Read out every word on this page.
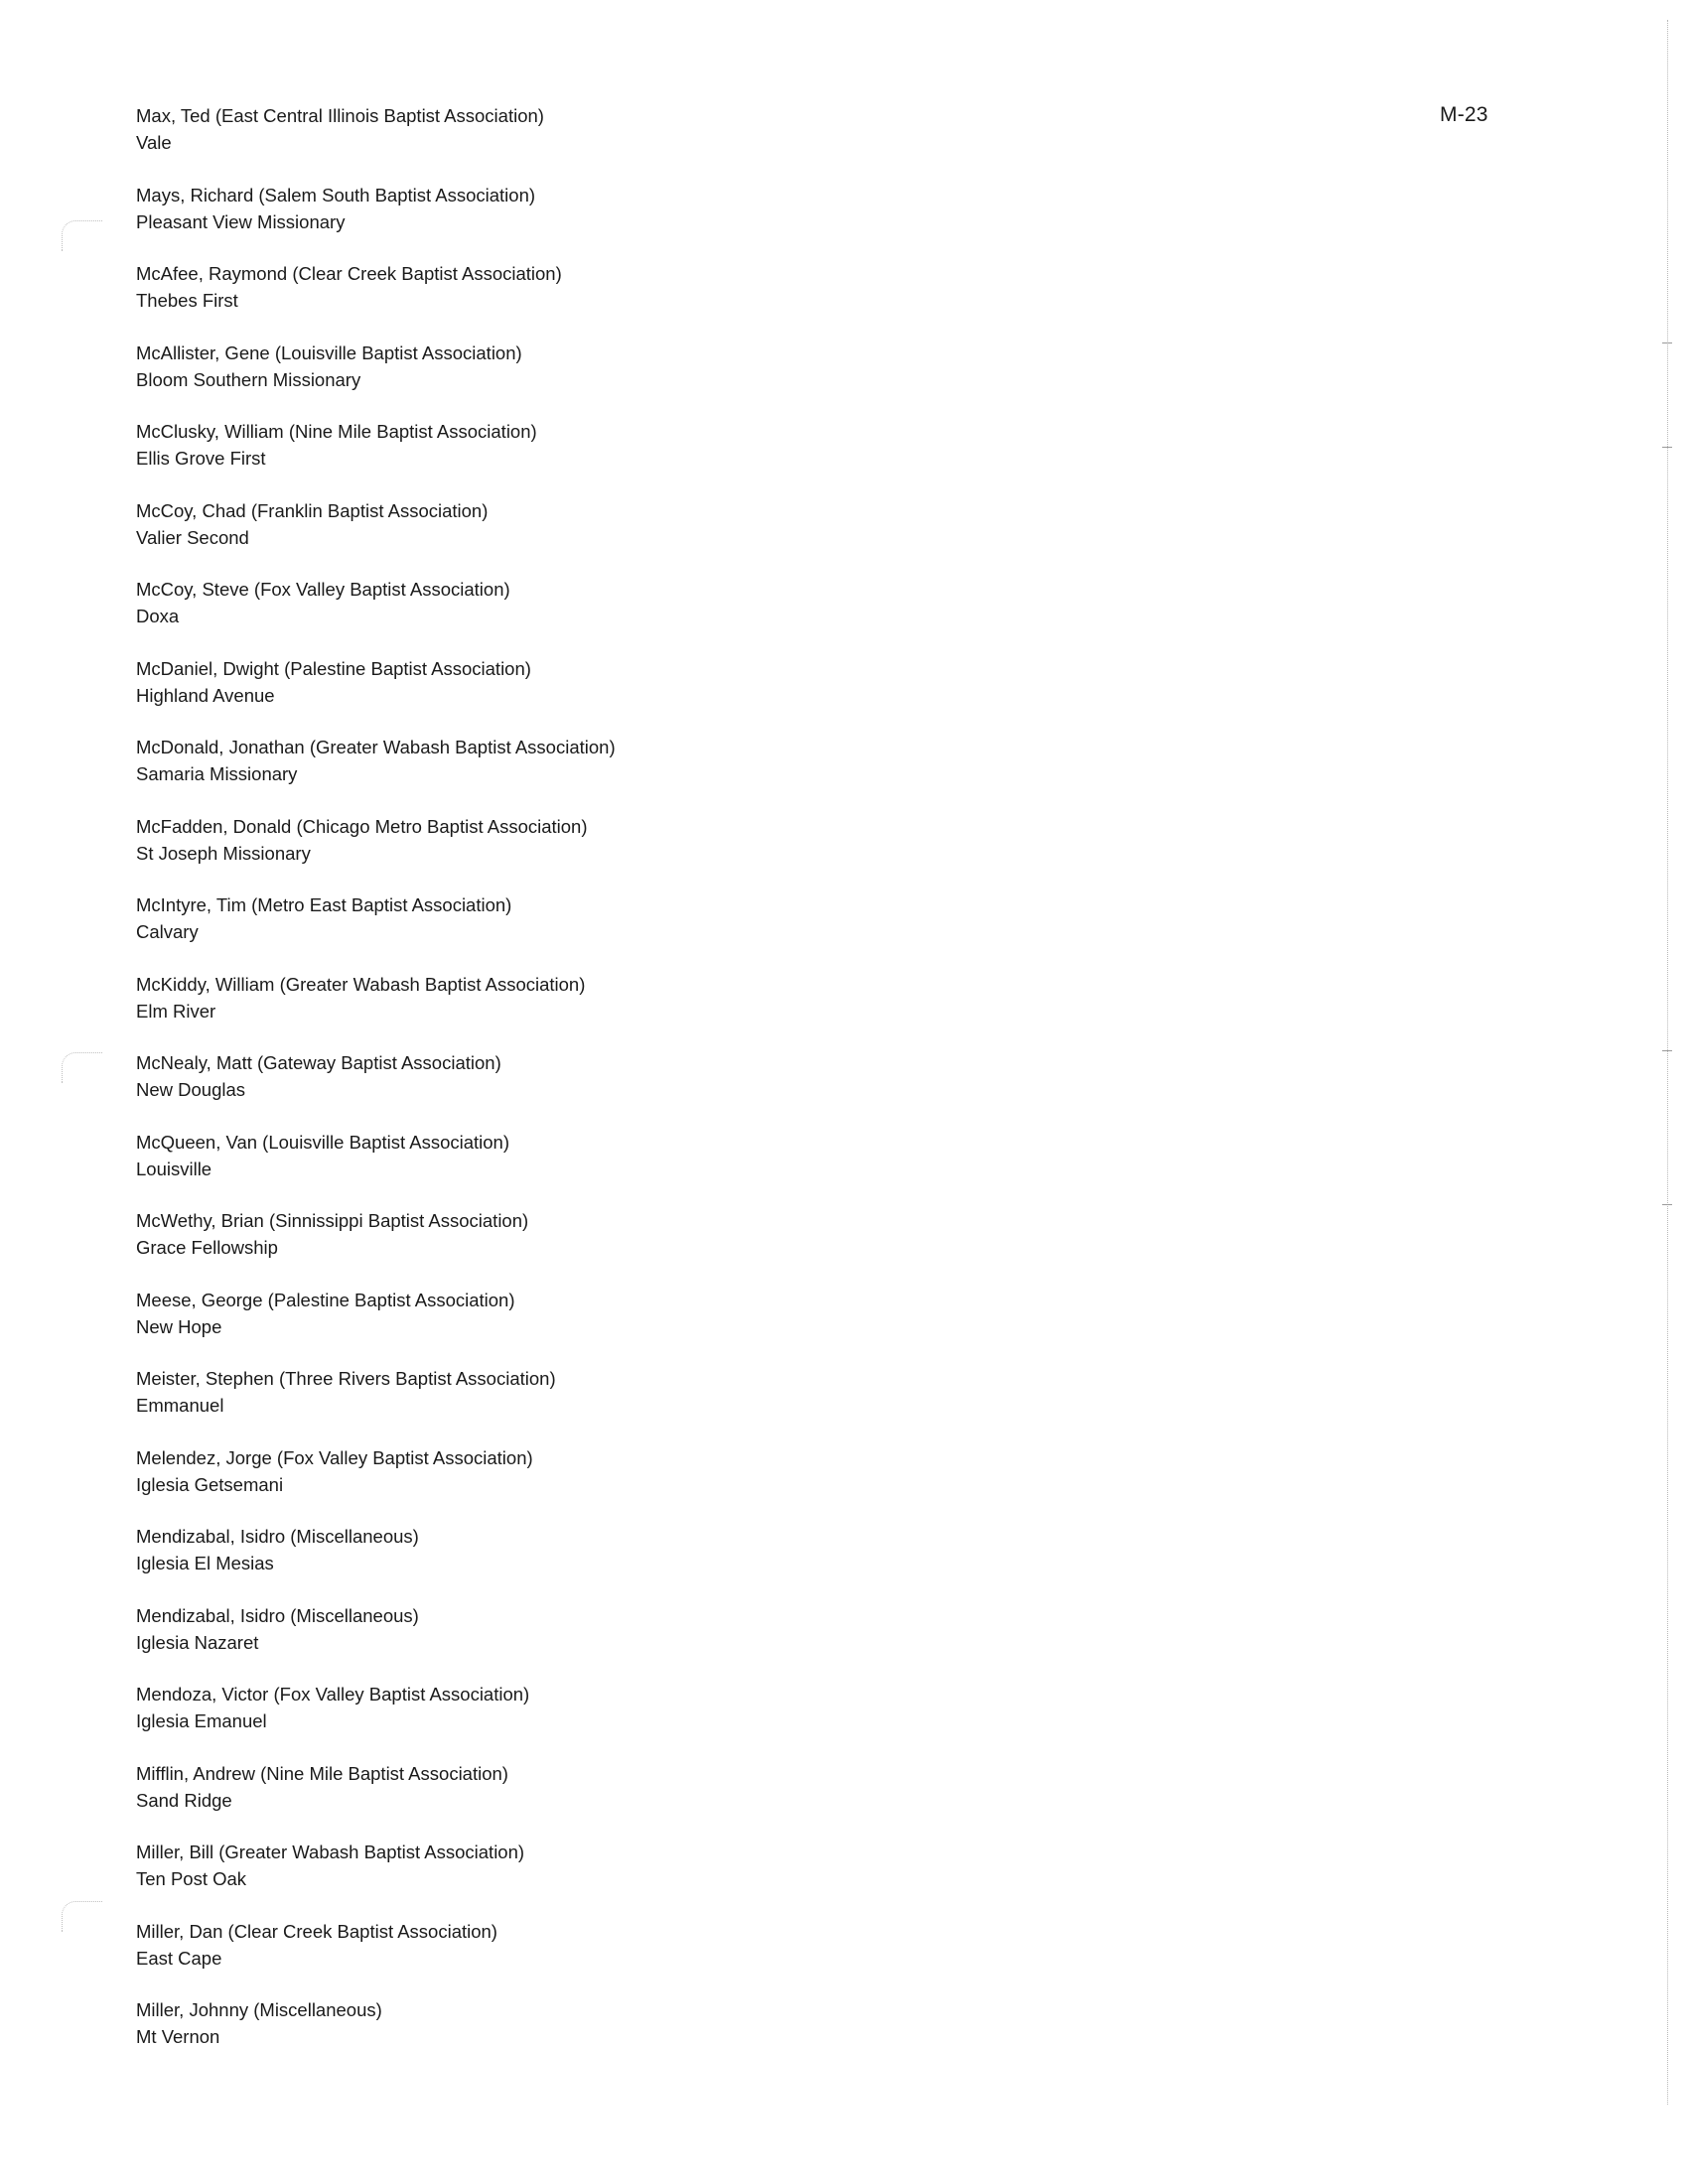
M-23
Max, Ted (East Central Illinois Baptist Association)
Vale
Mays, Richard (Salem South Baptist Association)
Pleasant View Missionary
McAfee, Raymond (Clear Creek Baptist Association)
Thebes First
McAllister, Gene (Louisville Baptist Association)
Bloom Southern Missionary
McClusky, William (Nine Mile Baptist Association)
Ellis Grove First
McCoy, Chad (Franklin Baptist Association)
Valier Second
McCoy, Steve (Fox Valley Baptist Association)
Doxa
McDaniel, Dwight (Palestine Baptist Association)
Highland Avenue
McDonald, Jonathan (Greater Wabash Baptist Association)
Samaria Missionary
McFadden, Donald (Chicago Metro Baptist Association)
St Joseph Missionary
McIntyre, Tim (Metro East Baptist Association)
Calvary
McKiddy, William (Greater Wabash Baptist Association)
Elm River
McNealy, Matt (Gateway Baptist Association)
New Douglas
McQueen, Van (Louisville Baptist Association)
Louisville
McWethy, Brian (Sinnissippi Baptist Association)
Grace Fellowship
Meese, George (Palestine Baptist Association)
New Hope
Meister, Stephen (Three Rivers Baptist Association)
Emmanuel
Melendez, Jorge (Fox Valley Baptist Association)
Iglesia Getsemani
Mendizabal, Isidro (Miscellaneous)
Iglesia El Mesias
Mendizabal, Isidro (Miscellaneous)
Iglesia Nazaret
Mendoza, Victor (Fox Valley Baptist Association)
Iglesia Emanuel
Mifflin, Andrew (Nine Mile Baptist Association)
Sand Ridge
Miller, Bill (Greater Wabash Baptist Association)
Ten Post Oak
Miller, Dan (Clear Creek Baptist Association)
East Cape
Miller, Johnny (Miscellaneous)
Mt Vernon
